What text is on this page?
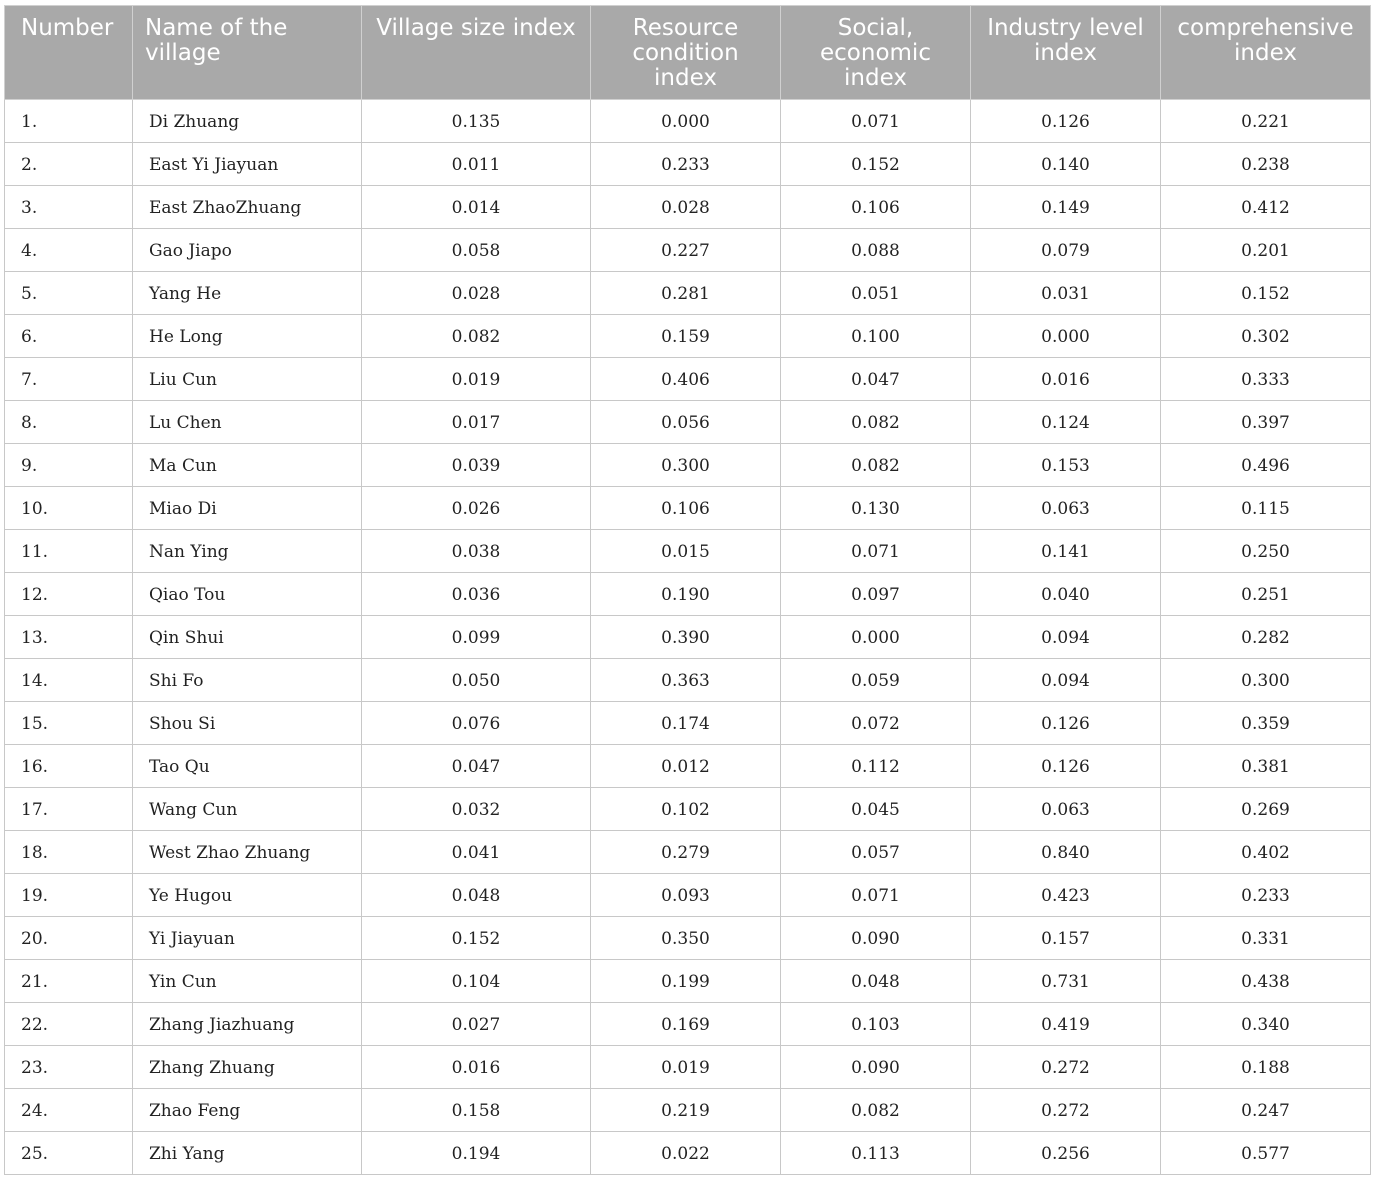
Number	Name of the village	Village size index	Resource condition index	Social, economic index	Industry level index	comprehensive index
1.	Di Zhuang	0.135	0.000	0.071	0.126	0.221
2.	East Yi Jiayuan	0.011	0.233	0.152	0.140	0.238
3.	East ZhaoZhuang	0.014	0.028	0.106	0.149	0.412
4.	Gao Jiapo	0.058	0.227	0.088	0.079	0.201
5.	Yang He	0.028	0.281	0.051	0.031	0.152
6.	He Long	0.082	0.159	0.100	0.000	0.302
7.	Liu Cun	0.019	0.406	0.047	0.016	0.333
8.	Lu Chen	0.017	0.056	0.082	0.124	0.397
9.	Ma Cun	0.039	0.300	0.082	0.153	0.496
10.	Miao Di	0.026	0.106	0.130	0.063	0.115
11.	Nan Ying	0.038	0.015	0.071	0.141	0.250
12.	Qiao Tou	0.036	0.190	0.097	0.040	0.251
13.	Qin Shui	0.099	0.390	0.000	0.094	0.282
14.	Shi Fo	0.050	0.363	0.059	0.094	0.300
15.	Shou Si	0.076	0.174	0.072	0.126	0.359
16.	Tao Qu	0.047	0.012	0.112	0.126	0.381
17.	Wang Cun	0.032	0.102	0.045	0.063	0.269
18.	West Zhao Zhuang	0.041	0.279	0.057	0.840	0.402
19.	Ye Hugou	0.048	0.093	0.071	0.423	0.233
20.	Yi Jiayuan	0.152	0.350	0.090	0.157	0.331
21.	Yin Cun	0.104	0.199	0.048	0.731	0.438
22.	Zhang Jiazhuang	0.027	0.169	0.103	0.419	0.340
23.	Zhang Zhuang	0.016	0.019	0.090	0.272	0.188
24.	Zhao Feng	0.158	0.219	0.082	0.272	0.247
25.	Zhi Yang	0.194	0.022	0.113	0.256	0.577
